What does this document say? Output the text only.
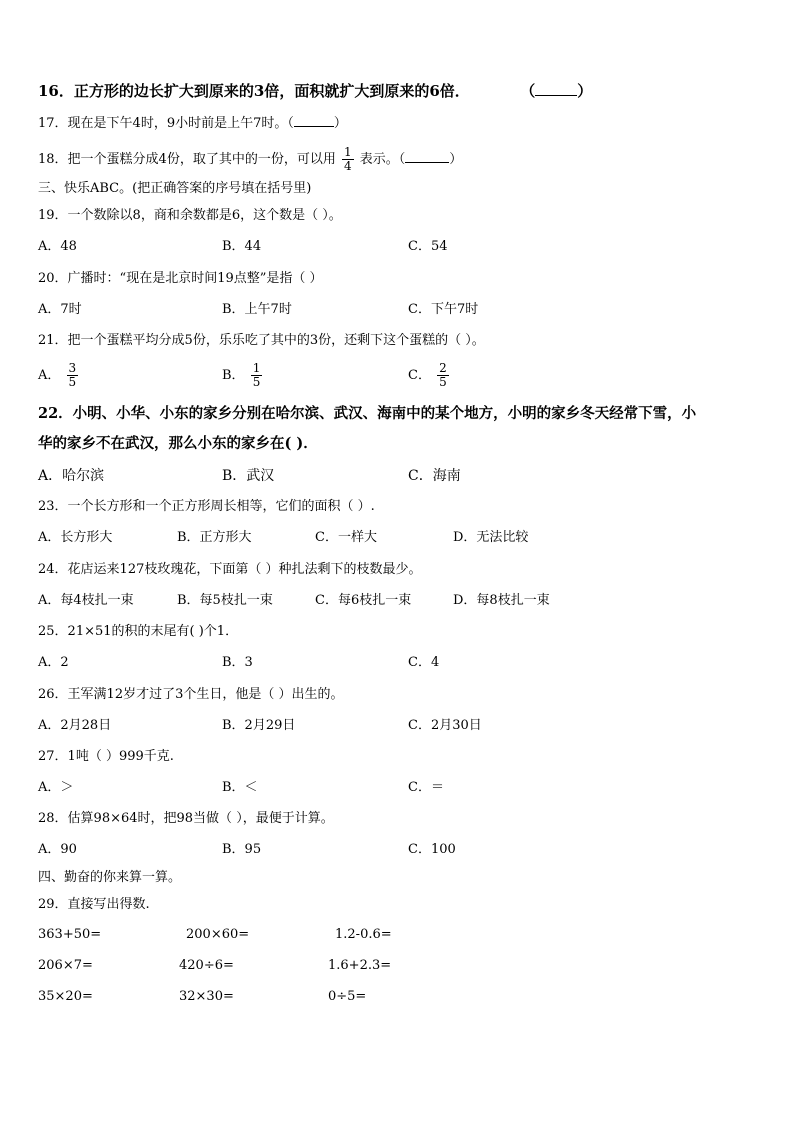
16．正方形的边长扩大到原来的3倍，面积就扩大到原来的6倍．	（	）
17．现在是下午4时，9小时前是上午7时。（	）
18．把一个蛋糕分成4份，取了其中的一份，可以用 $\frac{1}{4}$ 表示。（	）
三、快乐ABC。(把正确答案的序号填在括号里)
19．一个数除以8，商和余数都是6，这个数是（ ）。
A．48	B．44	C．54
20．广播时：“现在是北京时间19点整”是指（ ）
A．7时	B．上午7时	C．下午7时
21．把一个蛋糕平均分成5份，乐乐吃了其中的3份，还剩下这个蛋糕的（ ）。
A． $\frac{3}{5}$	B． $\frac{1}{5}$	C． $\frac{2}{5}$
22．小明、小华、小东的家乡分别在哈尔滨、武汉、海南中的某个地方，小明的家乡冬天经常下雪，小
华的家乡不在武汉，那么小东的家乡在( )．
A．哈尔滨	B．武汉	C．海南
23．一个长方形和一个正方形周长相等，它们的面积（ ）.
A．长方形大	B．正方形大	C．一样大	D．无法比较
24．花店运来127枝玫瑰花，下面第（ ）种扎法剩下的枝数最少。
A．每4枝扎一束	B．每5枝扎一束	C．每6枝扎一束	D．每8枝扎一束
25．21×51的积的末尾有( )个1．
A．2	B．3	C．4
26．王军满12岁才过了3个生日，他是（ ）出生的。
A．2月28日	B．2月29日	C．2月30日
27．1吨（ ）999千克.
A．＞	B．＜	C．＝
28．估算98×64时，把98当做（ ），最便于计算。
A．90	B．95	C．100
四、勤奋的你来算一算。
29．直接写出得数.
363+50=	200×60=	1.2-0.6=
206×7=	420÷6=	1.6+2.3=
35×20=	32×30=	0÷5=
